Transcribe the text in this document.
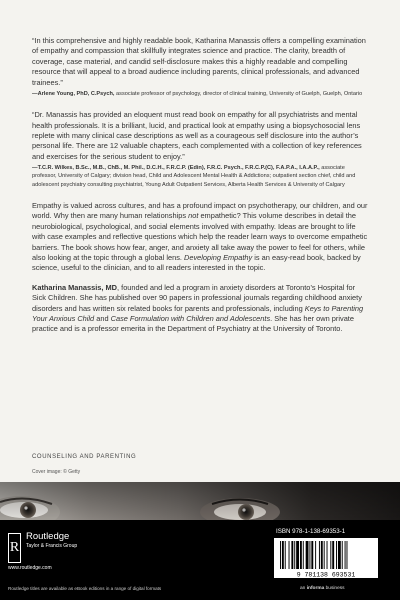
“In this comprehensive and highly readable book, Katharina Manassis offers a compelling examination of empathy and compassion that skillfully integrates science and practice. The clarity, breadth of coverage, case material, and candid self-disclosure makes this a highly readable and compelling resource that will appeal to a broad audience including parents, clinical professionals, and advanced trainees.”

—Arlene Young, PhD, C.Psych, associate professor of psychology, director of clinical training, University of Guelph, Guelph, Ontario

“Dr. Manassis has provided an eloquent must read book on empathy for all psychiatrists and mental health professionals. It is a brilliant, lucid, and practical look at empathy using a biopsychosocial lens replete with many clinical case descriptions as well as a courageous self disclosure into the author’s personal life. There are 12 valuable chapters, each complemented with a collection of key references and exercises for the serious student to enjoy.”

—T.C.R. Wilkes, B.Sc., M.B., ChB., M. Phil., D.C.H., F.R.C.P. (Edin), F.R.C. Psych., F.R.C.P.(C), F.A.P.A., I.A.A.P., associate professor, University of Calgary; division head, Child and Adolescent Mental Health & Addictions; outpatient section chief, child and adolescent psychiatry consulting psychiatrist, Young Adult Outpatient Services, Alberta Health Services & University of Calgary

Empathy is valued across cultures, and has a profound impact on psychotherapy, our children, and our world. Why then are many human relationships not empathetic? This volume describes in detail the neurobiological, psychological, and social elements involved with empathy. Ideas are brought to life with case examples and reflective questions which help the reader learn ways to overcome empathetic barriers. The book shows how fear, anger, and anxiety all take away the power to feel for others, while also looking at the topic through a global lens. Developing Empathy is an easy-read book, backed by science, useful to the clinician, and to all readers interested in the topic.

Katharina Manassis, MD, founded and led a program in anxiety disorders at Toronto’s Hospital for Sick Children. She has published over 90 papers in professional journals regarding childhood anxiety disorders and has written six related books for parents and professionals, including Keys to Parenting Your Anxious Child and Case Formulation with Children and Adolescents. She has her own private practice and is a professor emerita in the Department of Psychiatry at the University of Toronto.

COUNSELING AND PARENTING
Cover image: © Getty
R
Routledge
Taylor & Francis Group
www.routledge.com
Routledge titles are available as eBook editions in a range of digital formats
ISBN 978-1-138-69353-1
9 781138 693531
an informa business
